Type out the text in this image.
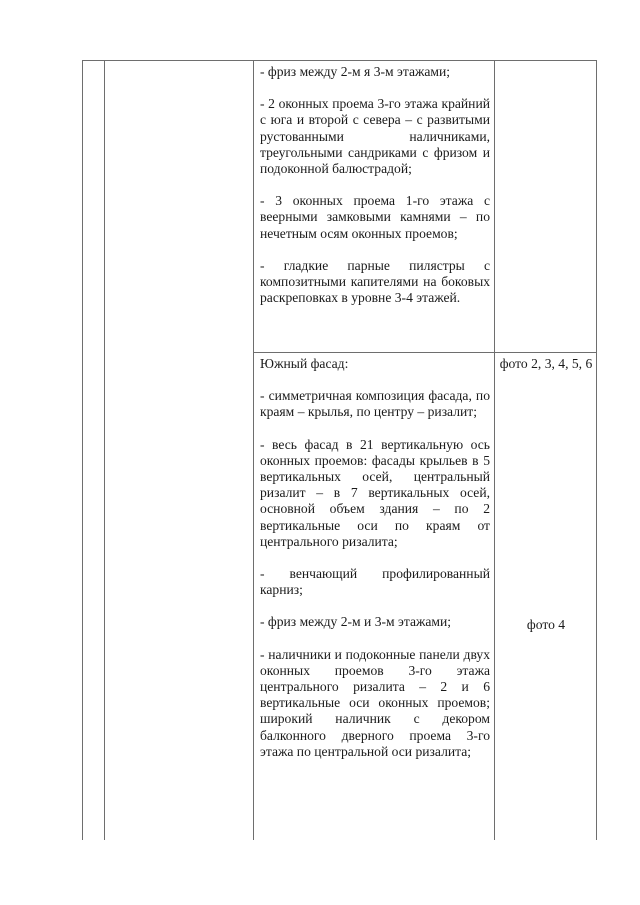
- фриз между 2-м я 3-м этажами;

- 2 оконных проема 3-го этажа крайний с юга и второй с севера – с развитыми рустованными наличниками, треугольными сандриками с фризом и подоконной балюстрадой;

- 3 оконных проема 1-го этажа с вееpными замковыми камнями – по нечетным осям оконных проемов;

- гладкие парные пилястры с композитными капителями на боковых раскреповках в уровне 3-4 этажей.

Южный фасад:

- симметричная композиция фасада, по краям – крылья, по центру – ризалит;

- весь фасад в 21 вертикальную ось оконных проемов: фасады крыльев в 5 вертикальных осей, центральный ризалит – в 7 вертикальных осей, основной объем здания – по 2 вертикальные оси по краям от центрального ризалита;

- венчающий профилированный карниз;

- фриз между 2-м и 3-м этажами;

- наличники и подоконные панели двух оконных проемов 3-го этажа центрального ризалита – 2 и 6 вертикальные оси оконных проемов; широкий наличник с декором балконного дверного проема 3-го этажа по центральной оси ризалита;

фото 2, 3, 4, 5, 6
фото 4
